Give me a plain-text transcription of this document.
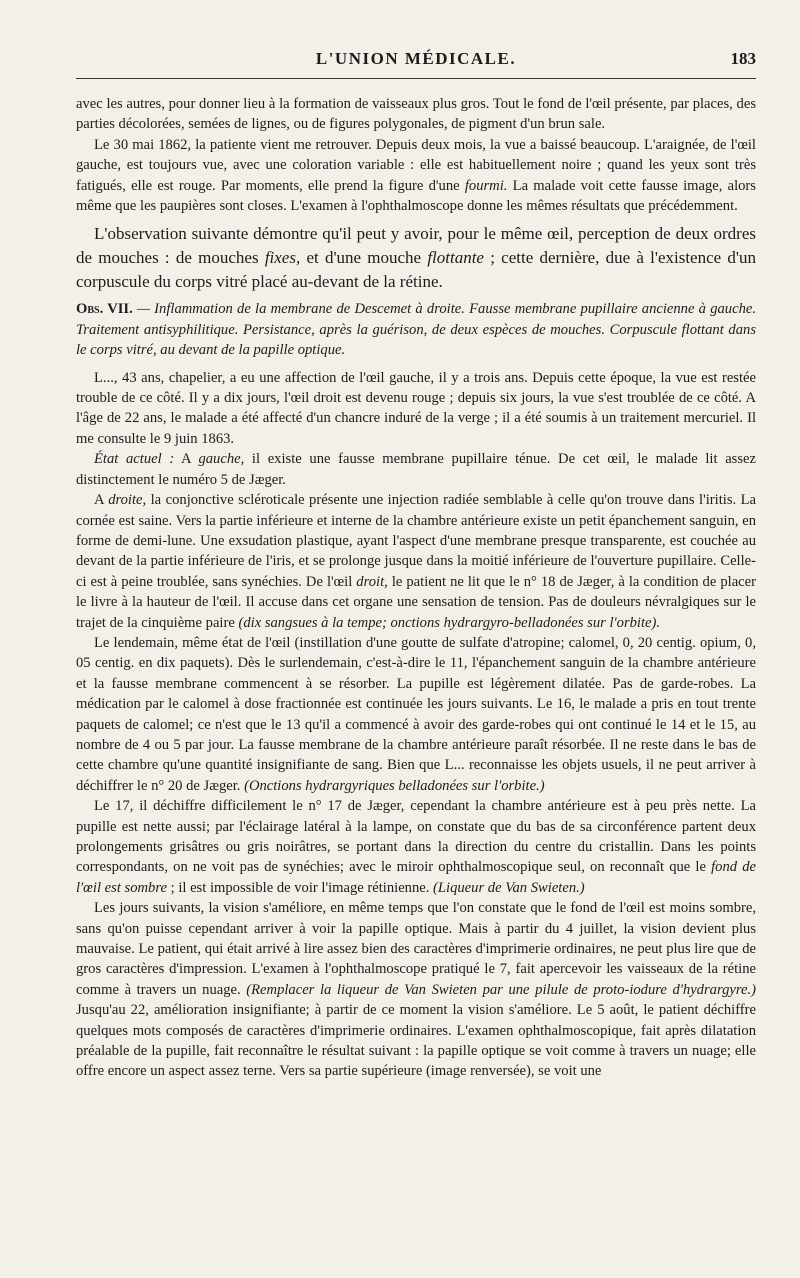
L'UNION MÉDICALE.	183

avec les autres, pour donner lieu à la formation de vaisseaux plus gros. Tout le fond de l'œil présente, par places, des parties décolorées, semées de lignes, ou de figures polygonales, de pigment d'un brun sale.

Le 30 mai 1862, la patiente vient me retrouver. Depuis deux mois, la vue a baissé beaucoup. L'araignée, de l'œil gauche, est toujours vue, avec une coloration variable : elle est habituellement noire ; quand les yeux sont très fatigués, elle est rouge. Par moments, elle prend la figure d'une fourmi. La malade voit cette fausse image, alors même que les paupières sont closes. L'examen à l'ophthalmoscope donne les mêmes résultats que précédemment.

L'observation suivante démontre qu'il peut y avoir, pour le même œil, perception de deux ordres de mouches : de mouches fixes, et d'une mouche flottante ; cette dernière, due à l'existence d'un corpuscule du corps vitré placé au-devant de la rétine.

Obs. VII. — Inflammation de la membrane de Descemet à droite. Fausse membrane pupillaire ancienne à gauche. Traitement antisyphilitique. Persistance, après la guérison, de deux espèces de mouches. Corpuscule flottant dans le corps vitré, au devant de la papille optique.

L..., 43 ans, chapelier, a eu une affection de l'œil gauche, il y a trois ans. Depuis cette époque, la vue est restée trouble de ce côté. Il y a dix jours, l'œil droit est devenu rouge ; depuis six jours, la vue s'est troublée de ce côté. A l'âge de 22 ans, le malade a été affecté d'un chancre induré de la verge ; il a été soumis à un traitement mercuriel. Il me consulte le 9 juin 1863.

État actuel : A gauche, il existe une fausse membrane pupillaire ténue. De cet œil, le malade lit assez distinctement le numéro 5 de Jæger.

A droite, la conjonctive scléroticale présente une injection radiée semblable à celle qu'on trouve dans l'iritis. La cornée est saine. Vers la partie inférieure et interne de la chambre antérieure existe un petit épanchement sanguin, en forme de demi-lune. Une exsudation plastique, ayant l'aspect d'une membrane presque transparente, est couchée au devant de la partie inférieure de l'iris, et se prolonge jusque dans la moitié inférieure de l'ouverture pupillaire. Celle-ci est à peine troublée, sans synéchies. De l'œil droit, le patient ne lit que le n° 18 de Jæger, à la condition de placer le livre à la hauteur de l'œil. Il accuse dans cet organe une sensation de tension. Pas de douleurs névralgiques sur le trajet de la cinquième paire (dix sangsues à la tempe; onctions hydrargyro-belladonées sur l'orbite).

Le lendemain, même état de l'œil (instillation d'une goutte de sulfate d'atropine; calomel, 0, 20 centig. opium, 0, 05 centig. en dix paquets). Dès le surlendemain, c'est-à-dire le 11, l'épanchement sanguin de la chambre antérieure et la fausse membrane commencent à se résorber. La pupille est légèrement dilatée. Pas de garde-robes. La médication par le calomel à dose fractionnée est continuée les jours suivants. Le 16, le malade a pris en tout trente paquets de calomel; ce n'est que le 13 qu'il a commencé à avoir des garde-robes qui ont continué le 14 et le 15, au nombre de 4 ou 5 par jour. La fausse membrane de la chambre antérieure paraît résorbée. Il ne reste dans le bas de cette chambre qu'une quantité insignifiante de sang. Bien que L... reconnaisse les objets usuels, il ne peut arriver à déchiffrer le n° 20 de Jæger. (Onctions hydrargyriques belladonées sur l'orbite.)

Le 17, il déchiffre difficilement le n° 17 de Jæger, cependant la chambre antérieure est à peu près nette. La pupille est nette aussi; par l'éclairage latéral à la lampe, on constate que du bas de sa circonférence partent deux prolongements grisâtres ou gris noirâtres, se portant dans la direction du centre du cristallin. Dans les points correspondants, on ne voit pas de synéchies; avec le miroir ophthalmoscopique seul, on reconnaît que le fond de l'œil est sombre ; il est impossible de voir l'image rétinienne. (Liqueur de Van Swieten.)

Les jours suivants, la vision s'améliore, en même temps que l'on constate que le fond de l'œil est moins sombre, sans qu'on puisse cependant arriver à voir la papille optique. Mais à partir du 4 juillet, la vision devient plus mauvaise. Le patient, qui était arrivé à lire assez bien des caractères d'imprimerie ordinaires, ne peut plus lire que de gros caractères d'impression. L'examen à l'ophthalmoscope pratiqué le 7, fait apercevoir les vaisseaux de la rétine comme à travers un nuage. (Remplacer la liqueur de Van Swieten par une pilule de proto-iodure d'hydrargyre.) Jusqu'au 22, amélioration insignifiante; à partir de ce moment la vision s'améliore. Le 5 août, le patient déchiffre quelques mots composés de caractères d'imprimerie ordinaires. L'examen ophthalmoscopique, fait après dilatation préalable de la pupille, fait reconnaître le résultat suivant : la papille optique se voit comme à travers un nuage; elle offre encore un aspect assez terne. Vers sa partie supérieure (image renversée), se voit une
